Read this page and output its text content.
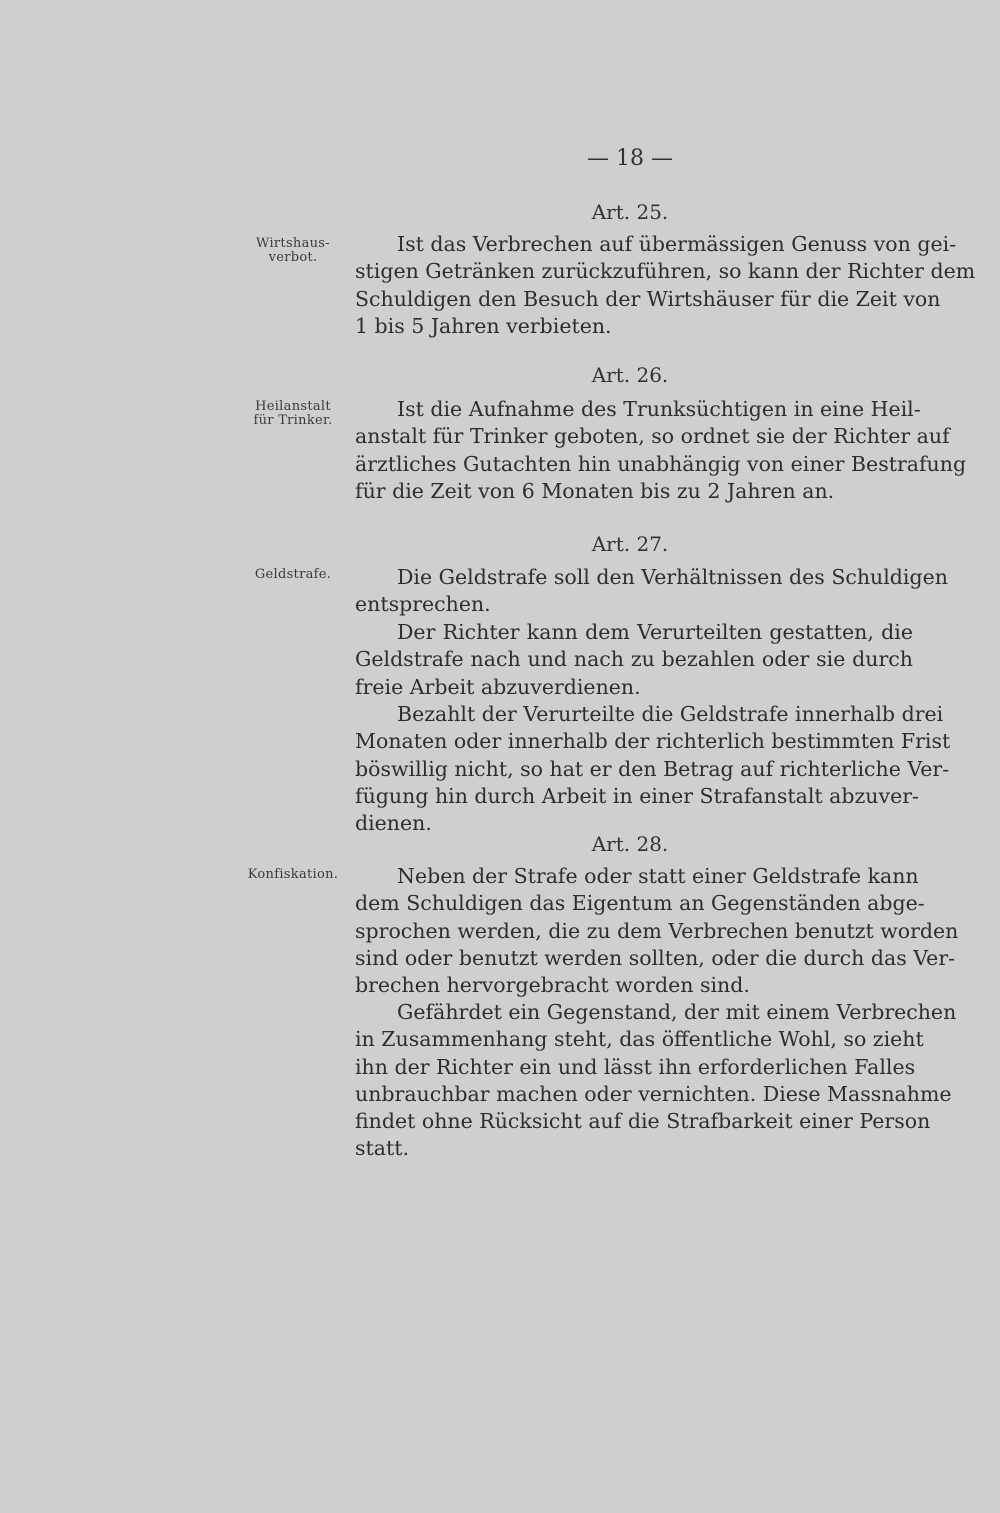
— 18 —
Art. 25.
Wirtshaus-
verbot.
Ist das Verbrechen auf übermässigen Genuss von gei-
stigen Getränken zurückzuführen, so kann der Richter dem
Schuldigen den Besuch der Wirtshäuser für die Zeit von
1 bis 5 Jahren verbieten.
Art. 26.
Heilanstalt
für Trinker.	Ist die Aufnahme des Trunksüchtigen in eine Heil-
anstalt für Trinker geboten, so ordnet sie der Richter auf
ärztliches Gutachten hin unabhängig von einer Bestrafung
für die Zeit von 6 Monaten bis zu 2 Jahren an.
Art. 27.
Geldstrafe.	Die Geldstrafe soll den Verhältnissen des Schuldigen
entsprechen.
Der Richter kann dem Verurteilten gestatten, die
Geldstrafe nach und nach zu bezahlen oder sie durch
freie Arbeit abzuverdienen.
Bezahlt der Verurteilte die Geldstrafe innerhalb drei
Monaten oder innerhalb der richterlich bestimmten Frist
böswillig nicht, so hat er den Betrag auf richterliche Ver-
fügung hin durch Arbeit in einer Strafanstalt abzuver-
dienen.
Art. 28.
Konfiskation.	Neben der Strafe oder statt einer Geldstrafe kann
dem Schuldigen das Eigentum an Gegenständen abge-
sprochen werden, die zu dem Verbrechen benutzt worden
sind oder benutzt werden sollten, oder die durch das Ver-
brechen hervorgebracht worden sind.
Gefährdet ein Gegenstand, der mit einem Verbrechen
in Zusammenhang steht, das öffentliche Wohl, so zieht
ihn der Richter ein und lässt ihn erforderlichen Falles
unbrauchbar machen oder vernichten. Diese Massnahme
findet ohne Rücksicht auf die Strafbarkeit einer Person
statt.
